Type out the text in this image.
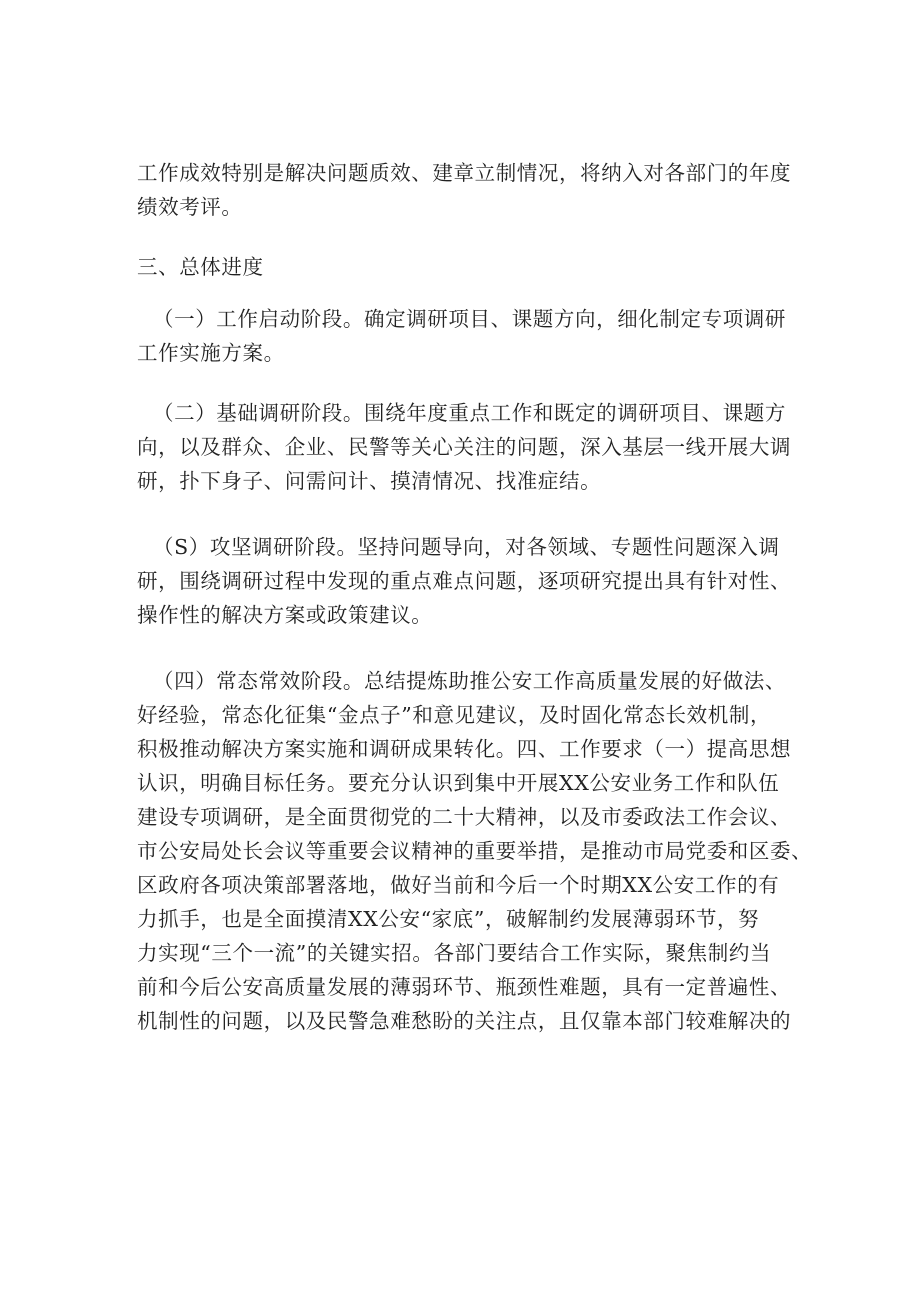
工作成效特别是解决问题质效、建章立制情况，将纳入对各部门的年度
绩效考评。
三、总体进度
（一）工作启动阶段。确定调研项目、课题方向，细化制定专项调研
工作实施方案。
（二）基础调研阶段。围绕年度重点工作和既定的调研项目、课题方
向，以及群众、企业、民警等关心关注的问题，深入基层一线开展大调
研，扑下身子、问需问计、摸清情况、找准症结。
（S）攻坚调研阶段。坚持问题导向，对各领域、专题性问题深入调
研，围绕调研过程中发现的重点难点问题，逐项研究提出具有针对性、
操作性的解决方案或政策建议。
（四）常态常效阶段。总结提炼助推公安工作高质量发展的好做法、
好经验，常态化征集“金点子”和意见建议，及时固化常态长效机制，
积极推动解决方案实施和调研成果转化。四、工作要求（一）提高思想
认识，明确目标任务。要充分认识到集中开展XX公安业务工作和队伍
建设专项调研，是全面贯彻党的二十大精神，以及市委政法工作会议、
市公安局处长会议等重要会议精神的重要举措，是推动市局党委和区委、
区政府各项决策部署落地，做好当前和今后一个时期XX公安工作的有
力抓手，也是全面摸清XX公安“家底”，破解制约发展薄弱环节，努
力实现“三个一流”的关键实招。各部门要结合工作实际，聚焦制约当
前和今后公安高质量发展的薄弱环节、瓶颈性难题，具有一定普遍性、
机制性的问题，以及民警急难愁盼的关注点，且仅靠本部门较难解决的
